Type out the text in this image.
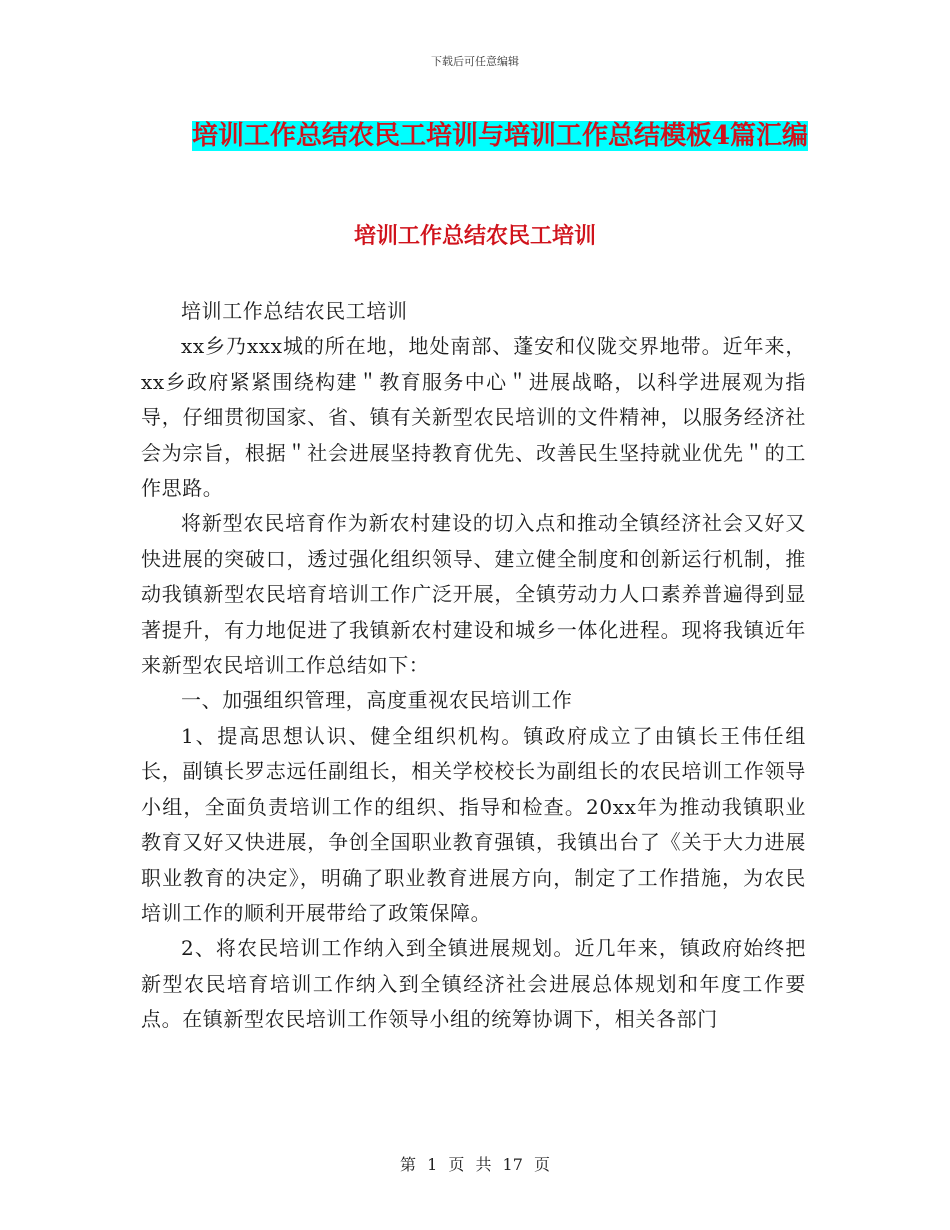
下载后可任意编辑
培训工作总结农民工培训与培训工作总结模板4篇汇编
培训工作总结农民工培训

培训工作总结农民工培训

xx乡乃xxx城的所在地，地处南部、蓬安和仪陇交界地带。近年来，xx乡政府紧紧围绕构建＂教育服务中心＂进展战略，以科学进展观为指导，仔细贯彻国家、省、镇有关新型农民培训的文件精神，以服务经济社会为宗旨，根据＂社会进展坚持教育优先、改善民生坚持就业优先＂的工作思路。

将新型农民培育作为新农村建设的切入点和推动全镇经济社会又好又快进展的突破口，透过强化组织领导、建立健全制度和创新运行机制，推动我镇新型农民培育培训工作广泛开展，全镇劳动力人口素养普遍得到显著提升，有力地促进了我镇新农村建设和城乡一体化进程。现将我镇近年来新型农民培训工作总结如下：

一、加强组织管理，高度重视农民培训工作

1、提高思想认识、健全组织机构。镇政府成立了由镇长王伟任组长，副镇长罗志远任副组长，相关学校校长为副组长的农民培训工作领导小组，全面负责培训工作的组织、指导和检查。20xx年为推动我镇职业教育又好又快进展，争创全国职业教育强镇，我镇出台了《关于大力进展职业教育的决定》，明确了职业教育进展方向，制定了工作措施，为农民培训工作的顺利开展带给了政策保障。

2、将农民培训工作纳入到全镇进展规划。近几年来，镇政府始终把新型农民培育培训工作纳入到全镇经济社会进展总体规划和年度工作要点。在镇新型农民培训工作领导小组的统筹协调下，相关各部门

第 1 页 共 17 页
